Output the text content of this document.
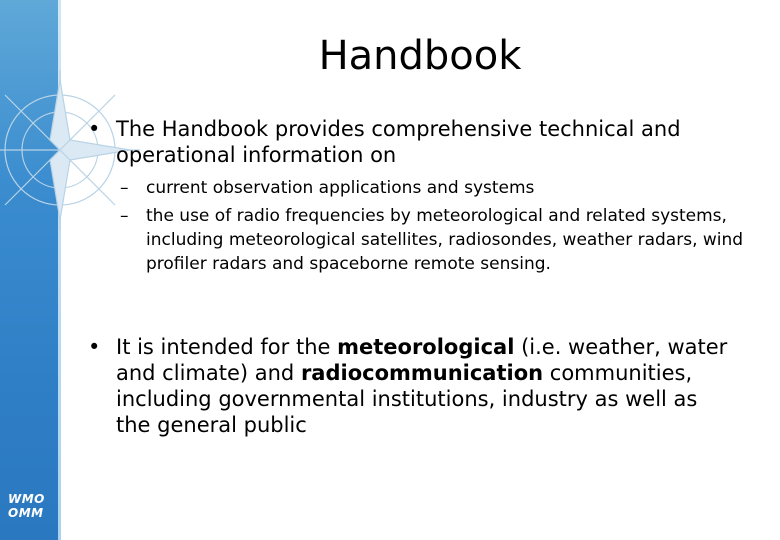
WMO
OMM
Handbook
• The Handbook provides comprehensive technical and operational information on
– current observation applications and systems
– the use of radio frequencies by meteorological and related systems, including meteorological satellites, radiosondes, weather radars, wind profiler radars and spaceborne remote sensing.
• It is intended for the meteorological (i.e. weather, water and climate) and radiocommunication communities, including governmental institutions, industry as well as the general public
